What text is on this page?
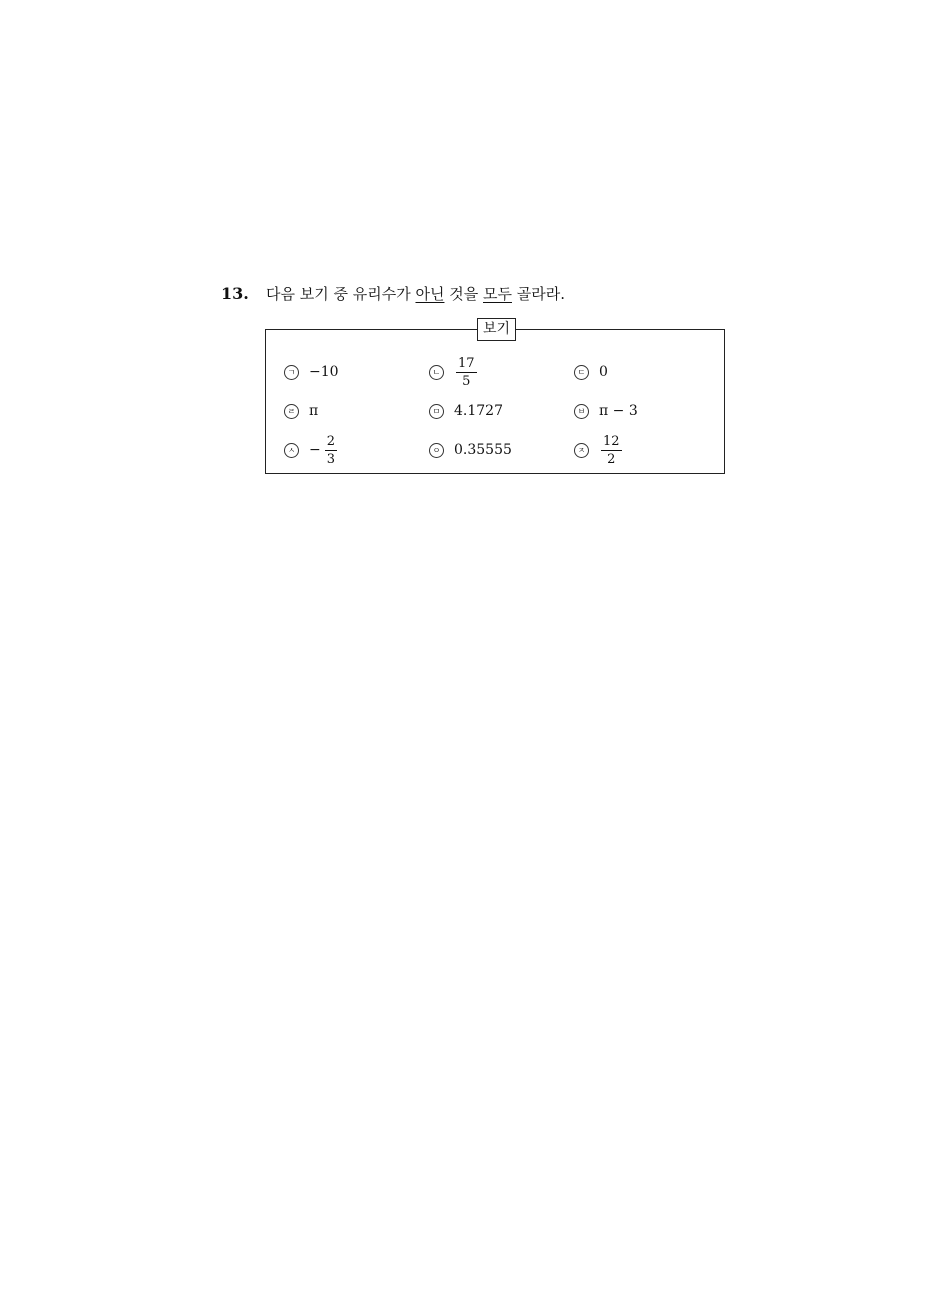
13. 다음 보기 중 유리수가 아닌 것을 모두 골라라.
보기
ㄱ −10	ㄴ $\frac{17}{5}$	ㄷ 0
ㄹ π	ㅁ 4.1727	ㅂ π − 3
ㅅ − $\frac{2}{3}$	ㅇ 0.35555	ㅈ $\frac{12}{2}$
